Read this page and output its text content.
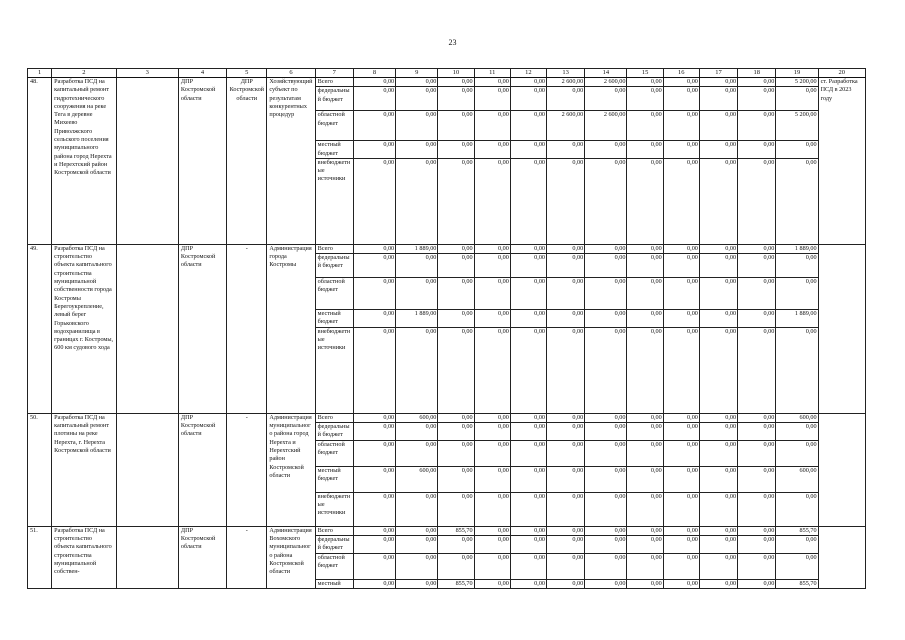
23
1	2	3	4	5	6	7	8	9	10	11	12	13	14	15	16	17	18	19	20
48.	Разработка ПСД на капитальный ремонт гидротехнического сооружения на реке Тега в деревне Михеево Приволжского сельского поселения муниципального района город Нерехта и Нерехтский район Костромской области		ДПР Костромской области	ДПР Костромской области	Хозяйствующий субъект по результатам конкурентных процедур	Всего	0,00	0,00	0,00	0,00	0,00	2 600,00	2 600,00	0,00	0,00	0,00	0,00	5 200,00	ст. Разработка ПСД в 2023 году
						федеральный бюджет	0,00	0,00	0,00	0,00	0,00	0,00	0,00	0,00	0,00	0,00	0,00	0,00	
						областной бюджет	0,00	0,00	0,00	0,00	0,00	2 600,00	2 600,00	0,00	0,00	0,00	0,00	5 200,00	
						местный бюджет	0,00	0,00	0,00	0,00	0,00	0,00	0,00	0,00	0,00	0,00	0,00	0,00	
						внебюджетные источники	0,00	0,00	0,00	0,00	0,00	0,00	0,00	0,00	0,00	0,00	0,00	0,00	
49.	Разработка ПСД на строительство объекта капитального строительства муниципальной собственности города Костромы Берегоукрепление, левый берег Горьковского водохранилища в границах г. Костромы, 600 км судового хода		ДПР Костромской области	-	Администрация города Костромы	Всего	0,00	1 889,00	0,00	0,00	0,00	0,00	0,00	0,00	0,00	0,00	0,00	1 889,00	
						федеральный бюджет	0,00	0,00	0,00	0,00	0,00	0,00	0,00	0,00	0,00	0,00	0,00	0,00	
						областной бюджет	0,00	0,00	0,00	0,00	0,00	0,00	0,00	0,00	0,00	0,00	0,00	0,00	
						местный бюджет	0,00	1 889,00	0,00	0,00	0,00	0,00	0,00	0,00	0,00	0,00	0,00	1 889,00	
						внебюджетные источники	0,00	0,00	0,00	0,00	0,00	0,00	0,00	0,00	0,00	0,00	0,00	0,00	
50.	Разработка ПСД на капитальный ремонт плотины на реке Нерехта, г. Нерехта Костромской области		ДПР Костромской области	-	Администрация муниципального района город Нерехта и Нерехтский район Костромской области	Всего	0,00	600,00	0,00	0,00	0,00	0,00	0,00	0,00	0,00	0,00	0,00	600,00	
						федеральный бюджет	0,00	0,00	0,00	0,00	0,00	0,00	0,00	0,00	0,00	0,00	0,00	0,00	
						областной бюджет	0,00	0,00	0,00	0,00	0,00	0,00	0,00	0,00	0,00	0,00	0,00	0,00	
						местный бюджет	0,00	600,00	0,00	0,00	0,00	0,00	0,00	0,00	0,00	0,00	0,00	600,00	
						внебюджетные источники	0,00	0,00	0,00	0,00	0,00	0,00	0,00	0,00	0,00	0,00	0,00	0,00	
51.	Разработка ПСД на строительство объекта капитального строительства муниципальной собствен-		ДПР Костромской области	-	Администрация Вохомского муниципального района Костромской области	Всего	0,00	0,00	855,70	0,00	0,00	0,00	0,00	0,00	0,00	0,00	0,00	855,70	
						федеральный бюджет	0,00	0,00	0,00	0,00	0,00	0,00	0,00	0,00	0,00	0,00	0,00	0,00	
						областной бюджет	0,00	0,00	0,00	0,00	0,00	0,00	0,00	0,00	0,00	0,00	0,00	0,00	
						местный	0,00	0,00	855,70	0,00	0,00	0,00	0,00	0,00	0,00	0,00	0,00	855,70	
